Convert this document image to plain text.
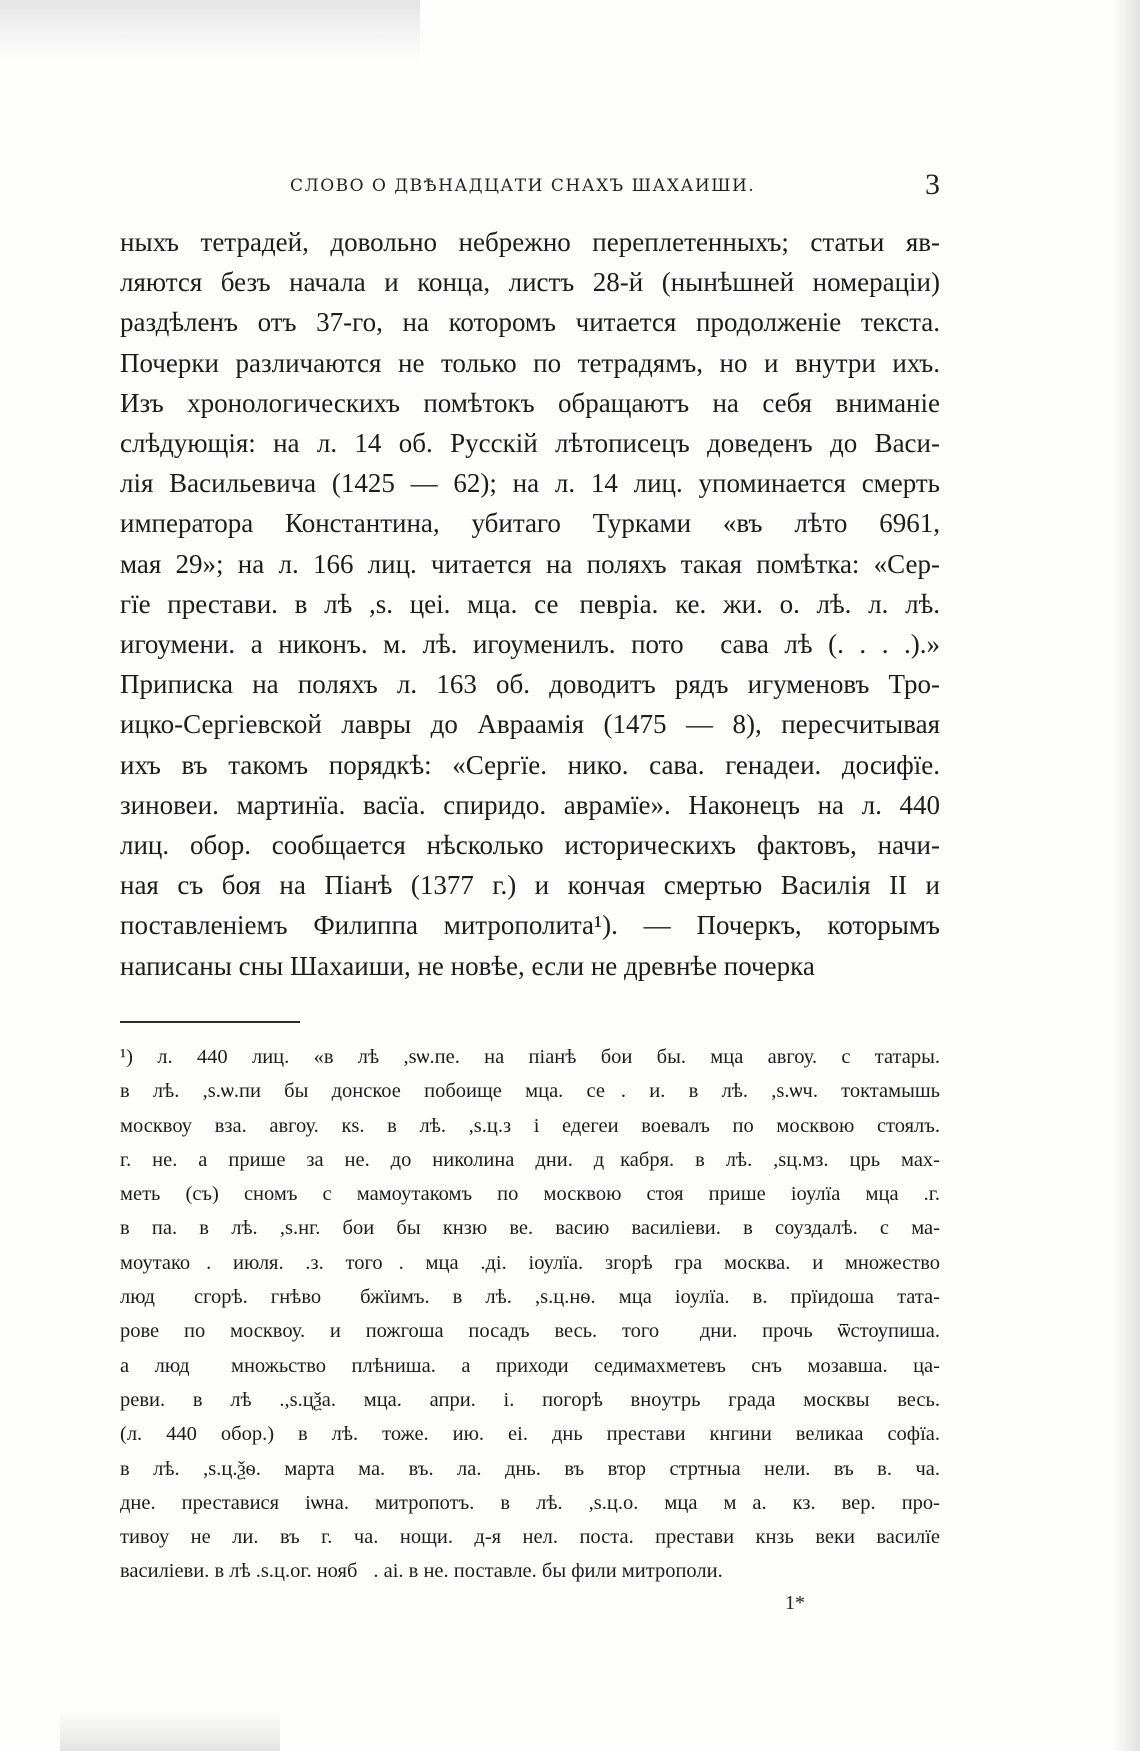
СЛОВО О ДВѢНАДЦАТИ СНАХЪ ШАХАИШИ.	3
ныхъ тетрадей, довольно небрежно переплетенныхъ; статьи яв-
ляются безъ начала и конца, листъ 28-й (нынѣшней номераціи)
раздѣленъ отъ 37-го, на которомъ читается продолженіе текста.
Почерки различаются не только по тетрадямъ, но и внутри ихъ.
Изъ хронологическихъ помѣтокъ обращаютъ на себя вниманіе
слѣдующія: на л. 14 об. Русскій лѣтописецъ доведенъ до Васи-
лія Васильевича (1425 — 62); на л. 14 лиц. упоминается смерть
императора Константина, убитаго Турками «въ лѣто 6961,
мая 29»; на л. 166 лиц. читается на поляхъ такая помѣтка: «Сер-
гїе престави. в лѣ ,ѕ. цеі. мца. сеⷨпевріа. ке. жи. о. лѣ. л. лѣ.
игоумени. а никонъ. м. лѣ. игоуменилъ. потоⷨ сава лѣ (. . . .).»
Приписка на поляхъ л. 163 об. доводитъ рядъ игуменовъ Тро-
ицко-Сергіевской лавры до Авраамія (1475 — 8), пересчитывая
ихъ въ такомъ порядкѣ: «Сергїе. нико. сава. генадеи. досифїе.
зиновеи. мартинїа. васїа. спиридо. аврамїе». Наконецъ на л. 440
лиц. обор. сообщается нѣсколько историческихъ фактовъ, начи-
ная съ боя на Піанѣ (1377 г.) и кончая смертью Василія II и
поставленіемъ Филиппа митрополита¹). — Почеркъ, которымъ
написаны сны Шахаиши, не новѣе, если не древнѣе почерка
¹) л. 440 лиц. «в лѣ ,ѕѡ.пе. на піанѣ бои бы. мца авгоу. с татары.
в лѣ. ,ѕ.ѡ.пи бы донское побоище мца. сеⷨ. и. в лѣ. ,ѕ.ѡч. токтамышь
москвоу вза. авгоу. кѕ. в лѣ. ,ѕ.ц.з і едегеи воевалъ по москвою стоялъ.
г. не. а прише за не. до николина дни. дⷺкабря. в лѣ. ,ѕц.мз. црь мах-
меть (съ) сномъ с мамоутакомъ по москвою стоя прише іоулїа мца .г.
в па. в лѣ. ,ѕ.нг. бои бы кнзю ве. васию василіеви. в соуздалѣ. с ма-
моутакоⷨ. июля. .з. тогоⷤ. мца .ді. іоулїа. згорѣ гра москва. и множество
людⷶ сгорѣ. гнѣвоⷨ бжїимъ. в лѣ. ,ѕ.ц.нѳ. мца іоулїа. в. прїидоша тата-
рове по москвоу. и пожгоша посадъ весь. тогоⷤ дни. прочь ѿстоупиша.
а людⷶ множьство плѣниша. а приходи седимахметевъ снъ мозавша. ца-
реви. в лѣ .,ѕ.цѯа. мца. апри. і. погорѣ внoутрь града москвы весь.
(л. 440 обор.) в лѣ. тоже. ию. еі. днь престави кнгини великаа софїа.
в лѣ. ,ѕ.ц.ѯѳ. марта ма. въ. ла. днь. въ втор стртныа нели. въ в. ча.
дне. преставися іѡна. митропотъ. в лѣ. ,ѕ.ц.о. мца мⷬа. кз. вер. про-
тивоу не ли. въ г. ча. нощи. д-я нел. поста. престави кнзь веки василїе
василіеви. в лѣ .ѕ.ц.ог. ноябⷪ. аі. в не. поставле. бы фили митрополи.
1*
